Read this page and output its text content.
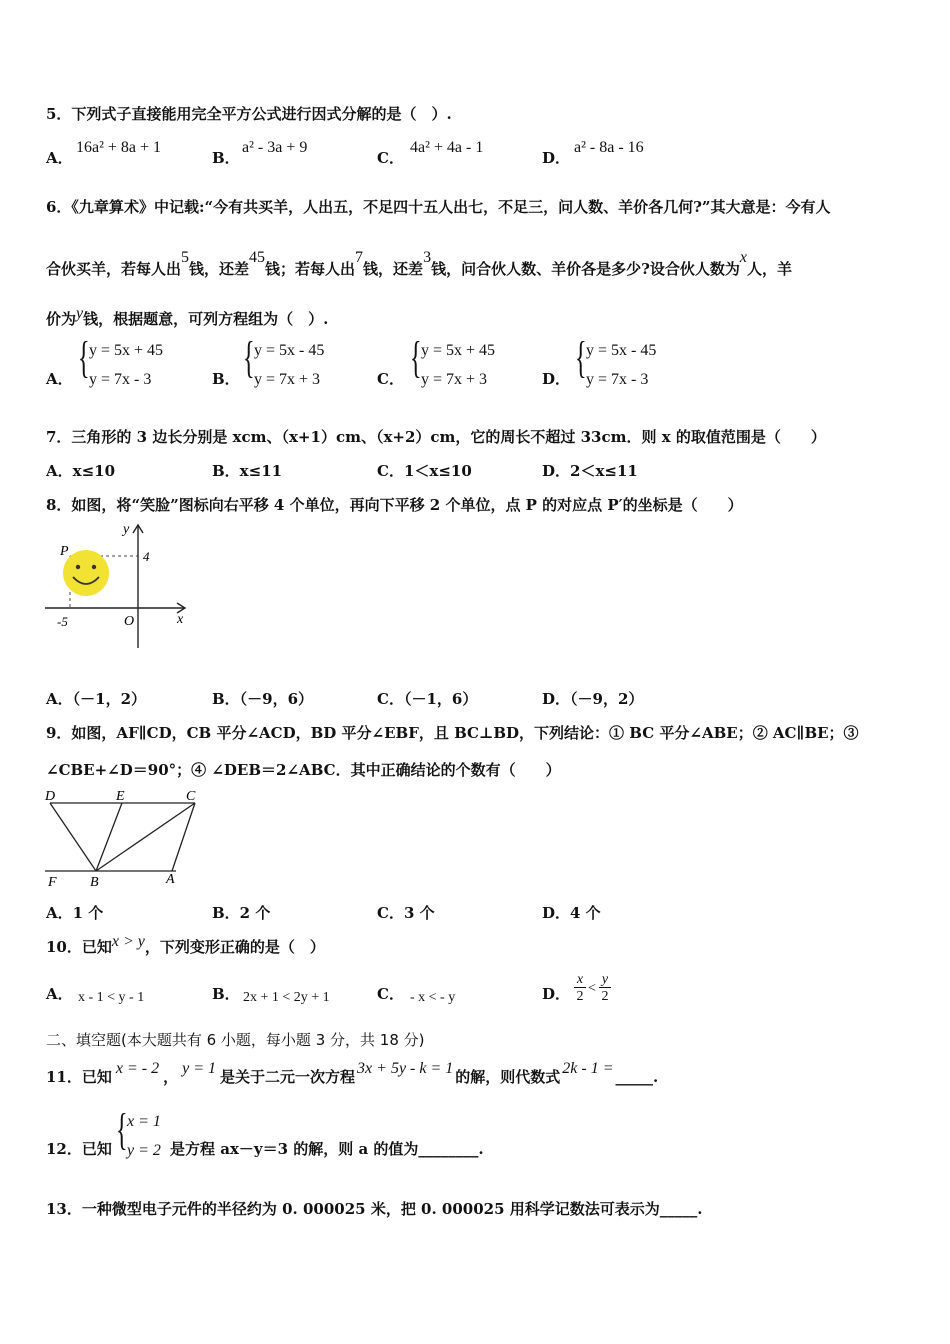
5．下列式子直接能用完全平方公式进行因式分解的是（　）.
A．
16a² + 8a + 1
B．
a² - 3a + 9
C．
4a² + 4a - 1
D．
a² - 8a - 16
6．《九章算术》中记载:“今有共买羊，人出五，不足四十五人出七，不足三，问人数、羊价各几何?”其大意是：今有人
合伙买羊，若每人出5钱，还差45钱；若每人出7钱，还差3钱，问合伙人数、羊价各是多少?设合伙人数为x人，羊
价为y钱，根据题意，可列方程组为（　）.
A． { y = 5x + 45
y = 7x - 3	B． { y = 5x - 45
y = 7x + 3	C． { y = 5x + 45
y = 7x + 3	D． { y = 5x - 45
y = 7x - 3
7．三角形的 3 边长分别是 xcm、（x+1）cm、（x+2）cm，它的周长不超过 33cm．则 x 的取值范围是（　　）
A．x≤10	B．x≤11	C．1＜x≤10	D．2＜x≤11
8．如图，将“笑脸”图标向右平移 4 个单位，再向下平移 2 个单位，点 P 的对应点 P′的坐标是（　　）
P
y
x
O
4
-5
A．（－1，2）	B．（－9，6）	C．（－1，6）	D．（－9，2）
9．如图，AF∥CD，CB 平分∠ACD，BD 平分∠EBF，且 BC⊥BD，下列结论：① BC 平分∠ABE；② AC∥BE；③
∠CBE+∠D＝90°；④ ∠DEB＝2∠ABC．其中正确结论的个数有（　　）
D	E	C
F B	A
A．1 个	B．2 个	C．3 个	D．4 个
10．已知x > y，下列变形正确的是（　）
A． x - 1 < y - 1	B． 2x + 1 < 2y + 1	C． - x < - y	D． $\frac{x}{2} < \frac{y}{2}$
二、填空题(本大题共有 6 小题，每小题 3 分，共 18 分)
11．已知 x = - 2 ， y = 1 是关于二元一次方程 3x + 5y - k = 1 的解，则代数式 2k - 1 = _____.
12．已知 { x = 1
y = 2 是方程 ax－y＝3 的解，则 a 的值为________.
13．一种微型电子元件的半径约为 0. 000025 米，把 0. 000025 用科学记数法可表示为_____.
